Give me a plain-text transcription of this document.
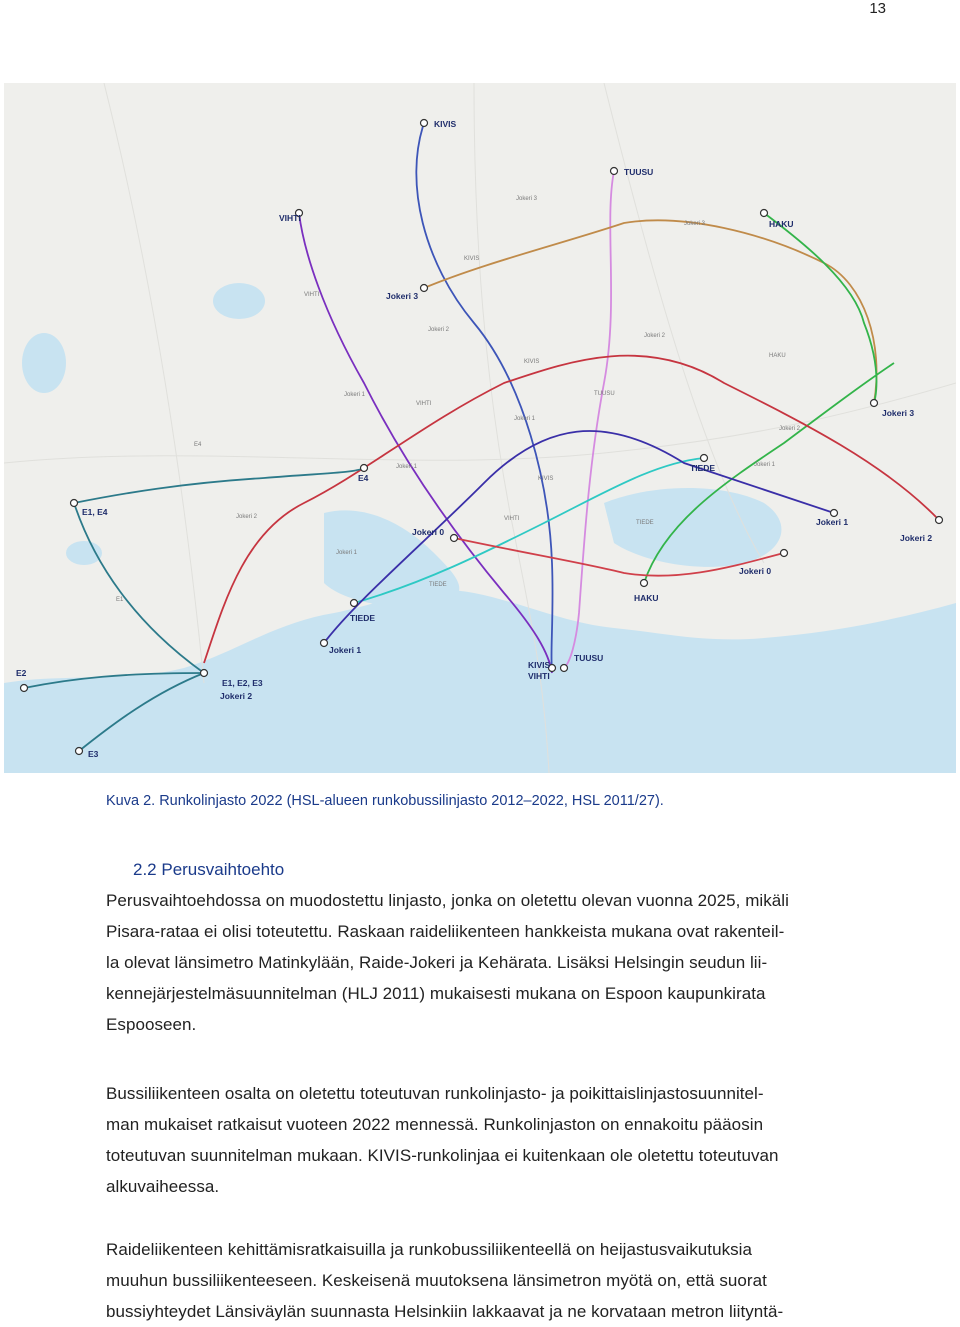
13
KIVIS
TUUSU
VIHTI
Jokeri 3
HAKU
Jokeri 3
TIEDE
Jokeri 1
Jokeri 2
E1, E4
E4
Jokeri 0
TIEDE
Jokeri 1
HAKU
Jokeri 0
KIVIS
VIHTI
TUUSU
E1, E2, E3
Jokeri 2
E2
E3
Jokeri 3
Jokeri 3
KIVIS
VIHTI
Jokeri 2
Jokeri 2
KIVIS
TUUSU
VIHTI
Jokeri 1
Jokeri 1
HAKU
Jokeri 2
Jokeri 1
E4
Jokeri 2
Jokeri 1
KIVIS
VIHTI
TIEDE
TIEDE
E1
Jokeri 1
Kuva 2. Runkolinjasto 2022 (HSL-alueen runkobussilinjasto 2012–2022, HSL 2011/27).
2.2 Perusvaihtoehto
Perusvaihtoehdossa on muodostettu linjasto, jonka on oletettu olevan vuonna 2025, mikäli
Pisara-rataa ei olisi toteutettu. Raskaan raideliikenteen hankkeista mukana ovat rakenteil-
la olevat länsimetro Matinkylään, Raide-Jokeri ja Kehärata. Lisäksi Helsingin seudun lii-
kennejärjestelmäsuunnitelman (HLJ 2011) mukaisesti mukana on Espoon kaupunkirata
Espooseen.
Bussiliikenteen osalta on oletettu toteutuvan runkolinjasto- ja poikittaislinjastosuunnitel-
man mukaiset ratkaisut vuoteen 2022 mennessä. Runkolinjaston on ennakoitu pääosin
toteutuvan suunnitelman mukaan. KIVIS-runkolinjaa ei kuitenkaan ole oletettu toteutuvan
alkuvaiheessa.
Raideliikenteen kehittämisratkaisuilla ja runkobussiliikenteellä on heijastusvaikutuksia
muuhun bussiliikenteeseen. Keskeisenä muutoksena länsimetron myötä on, että suorat
bussiyhteydet Länsiväylän suunnasta Helsinkiin lakkaavat ja ne korvataan metron liityntä-
